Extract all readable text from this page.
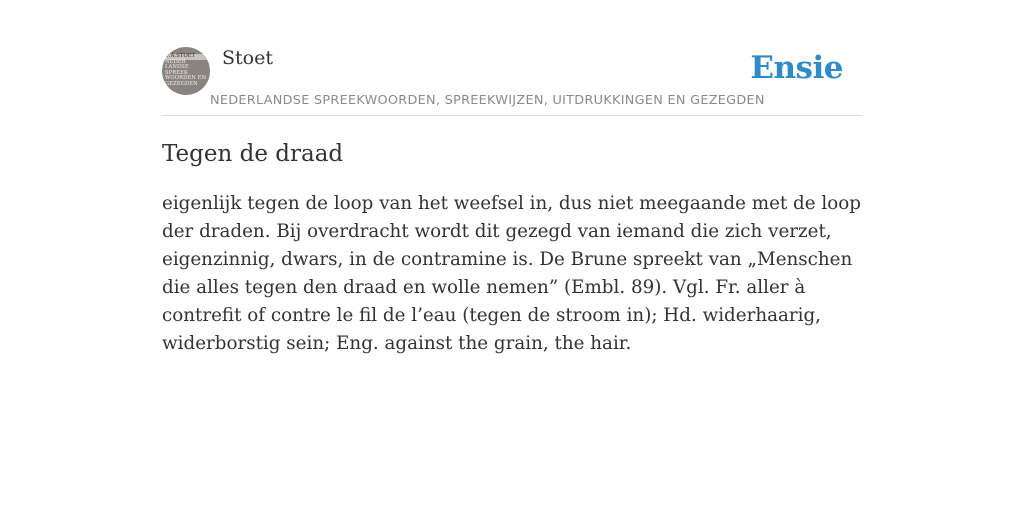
F.A.STOET
NEDER
LANDSE
SPREEK
WOORDEN EN
GEZEGDEN
Stoet	Ensie
NEDERLANDSE SPREEKWOORDEN, SPREEKWIJZEN, UITDRUKKINGEN EN GEZEGDEN
Tegen de draad

eigenlijk tegen de loop van het weefsel in, dus niet meegaande met de loop der draden. Bij overdracht wordt dit gezegd van iemand die zich verzet, eigenzinnig, dwars, in de contramine is. De Brune spreekt van „Menschen die alles tegen den draad en wolle nemen” (Embl. 89). Vgl. Fr. aller à contrefit of contre le fil de l’eau (tegen de stroom in); Hd. widerhaarig, widerborstig sein; Eng. against the grain, the hair.
